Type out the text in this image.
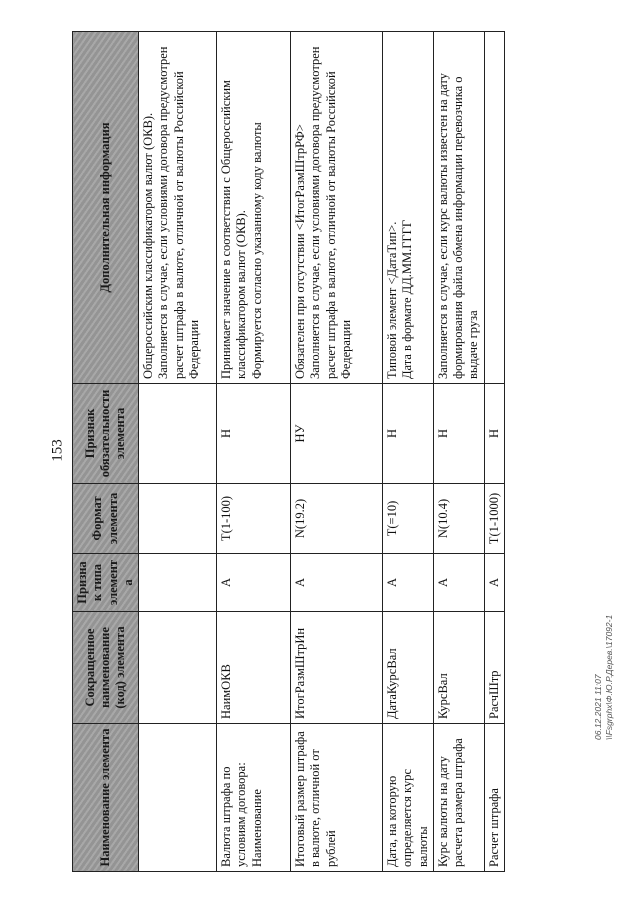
153
Наименование элемента	Сокращенное наименование (код) элемента	Признак типа элемента	Формат элемента	Признак обязательности элемента	Дополнительная информация

					Общероссийским классификатором валют (ОКВ). Заполняется в случае, если условиями договора предусмотрен расчет штрафа в валюте, отличной от валюты Российской Федерации

Валюта штрафа по условиям договора: Наименование	НаимОКВ	А	T(1-100)	Н	Принимает значение в соответствии с Общероссийским классификатором валют (ОКВ). Формируется согласно указанному коду валюты

Итоговый размер штрафа в валюте, отличной от рублей	ИтогРазмШтрИн	А	N(19.2)	НУ	Обязателен при отсутствии <ИтогРазмШтрРФ> Заполняется в случае, если условиями договора предусмотрен расчет штрафа в валюте, отличной от валюты Российской Федерации

Дата, на которую определяется курс валюты	ДатаКурсВал	А	T(=10)	Н	Типовой элемент <ДатаТип>. Дата в формате ДД.ММ.ГГГГ

Курс валюты на дату расчета размера штрафа	КурсВал	А	N(10.4)	Н	Заполняется в случае, если курс валюты известен на дату формирования файла обмена информации перевозчика о выдаче груза

Расчет штрафа	РасчШтр	А	T(1-1000)	Н	
06.12.2021 11:07 \\Fsgrphx\Ф.Ю.Р.Дерев.\17092-1
